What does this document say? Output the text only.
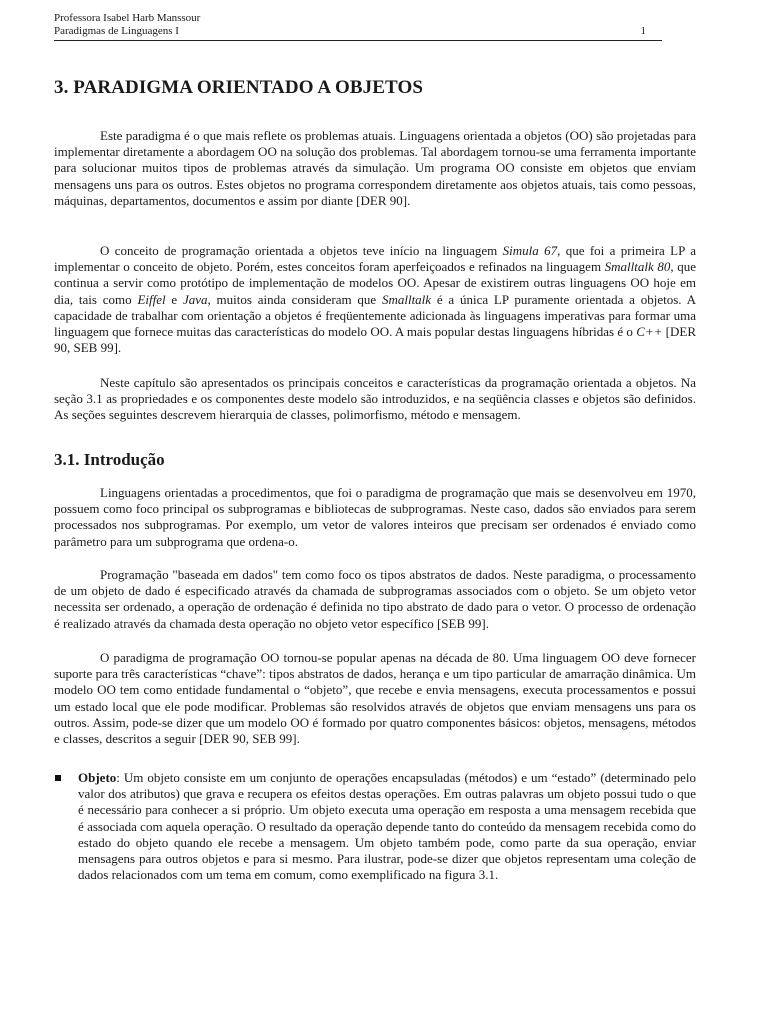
Professora Isabel Harb Manssour
Paradigmas de Linguagens I	1
3. PARADIGMA ORIENTADO A OBJETOS

Este paradigma é o que mais reflete os problemas atuais. Linguagens orientada a objetos (OO) são projetadas para implementar diretamente a abordagem OO na solução dos problemas. Tal abordagem tornou-se uma ferramenta importante para solucionar muitos tipos de problemas através da simulação. Um programa OO consiste em objetos que enviam mensagens uns para os outros. Estes objetos no programa correspondem diretamente aos objetos atuais, tais como pessoas, máquinas, departamentos, documentos e assim por diante [DER 90].

O conceito de programação orientada a objetos teve início na linguagem Simula 67, que foi a primeira LP a implementar o conceito de objeto. Porém, estes conceitos foram aperfeiçoados e refinados na linguagem Smalltalk 80, que continua a servir como protótipo de implementação de modelos OO. Apesar de existirem outras linguagens OO hoje em dia, tais como Eiffel e Java, muitos ainda consideram que Smalltalk é a única LP puramente orientada a objetos. A capacidade de trabalhar com orientação a objetos é freqüentemente adicionada às linguagens imperativas para formar uma linguagem que fornece muitas das características do modelo OO. A mais popular destas linguagens híbridas é o C++ [DER 90, SEB 99].

Neste capítulo são apresentados os principais conceitos e características da programação orientada a objetos. Na seção 3.1 as propriedades e os componentes deste modelo são introduzidos, e na seqüência classes e objetos são definidos. As seções seguintes descrevem hierarquia de classes, polimorfismo, método e mensagem.

3.1. Introdução

Linguagens orientadas a procedimentos, que foi o paradigma de programação que mais se desenvolveu em 1970, possuem como foco principal os subprogramas e bibliotecas de subprogramas. Neste caso, dados são enviados para serem processados nos subprogramas. Por exemplo, um vetor de valores inteiros que precisam ser ordenados é enviado como parâmetro para um subprograma que ordena-o.

Programação "baseada em dados" tem como foco os tipos abstratos de dados. Neste paradigma, o processamento de um objeto de dado é especificado através da chamada de subprogramas associados com o objeto. Se um objeto vetor necessita ser ordenado, a operação de ordenação é definida no tipo abstrato de dado para o vetor. O processo de ordenação é realizado através da chamada desta operação no objeto vetor específico [SEB 99].

O paradigma de programação OO tornou-se popular apenas na década de 80. Uma linguagem OO deve fornecer suporte para três características “chave”: tipos abstratos de dados, herança e um tipo particular de amarração dinâmica. Um modelo OO tem como entidade fundamental o “objeto”, que recebe e envia mensagens, executa processamentos e possui um estado local que ele pode modificar. Problemas são resolvidos através de objetos que enviam mensagens uns para os outros. Assim, pode-se dizer que um modelo OO é formado por quatro componentes básicos: objetos, mensagens, métodos e classes, descritos a seguir [DER 90, SEB 99].

Objeto: Um objeto consiste em um conjunto de operações encapsuladas (métodos) e um “estado” (determinado pelo valor dos atributos) que grava e recupera os efeitos destas operações. Em outras palavras um objeto possui tudo o que é necessário para conhecer a si próprio. Um objeto executa uma operação em resposta a uma mensagem recebida que é associada com aquela operação. O resultado da operação depende tanto do conteúdo da mensagem recebida como do estado do objeto quando ele recebe a mensagem. Um objeto também pode, como parte da sua operação, enviar mensagens para outros objetos e para si mesmo. Para ilustrar, pode-se dizer que objetos representam uma coleção de dados relacionados com um tema em comum, como exemplificado na figura 3.1.
